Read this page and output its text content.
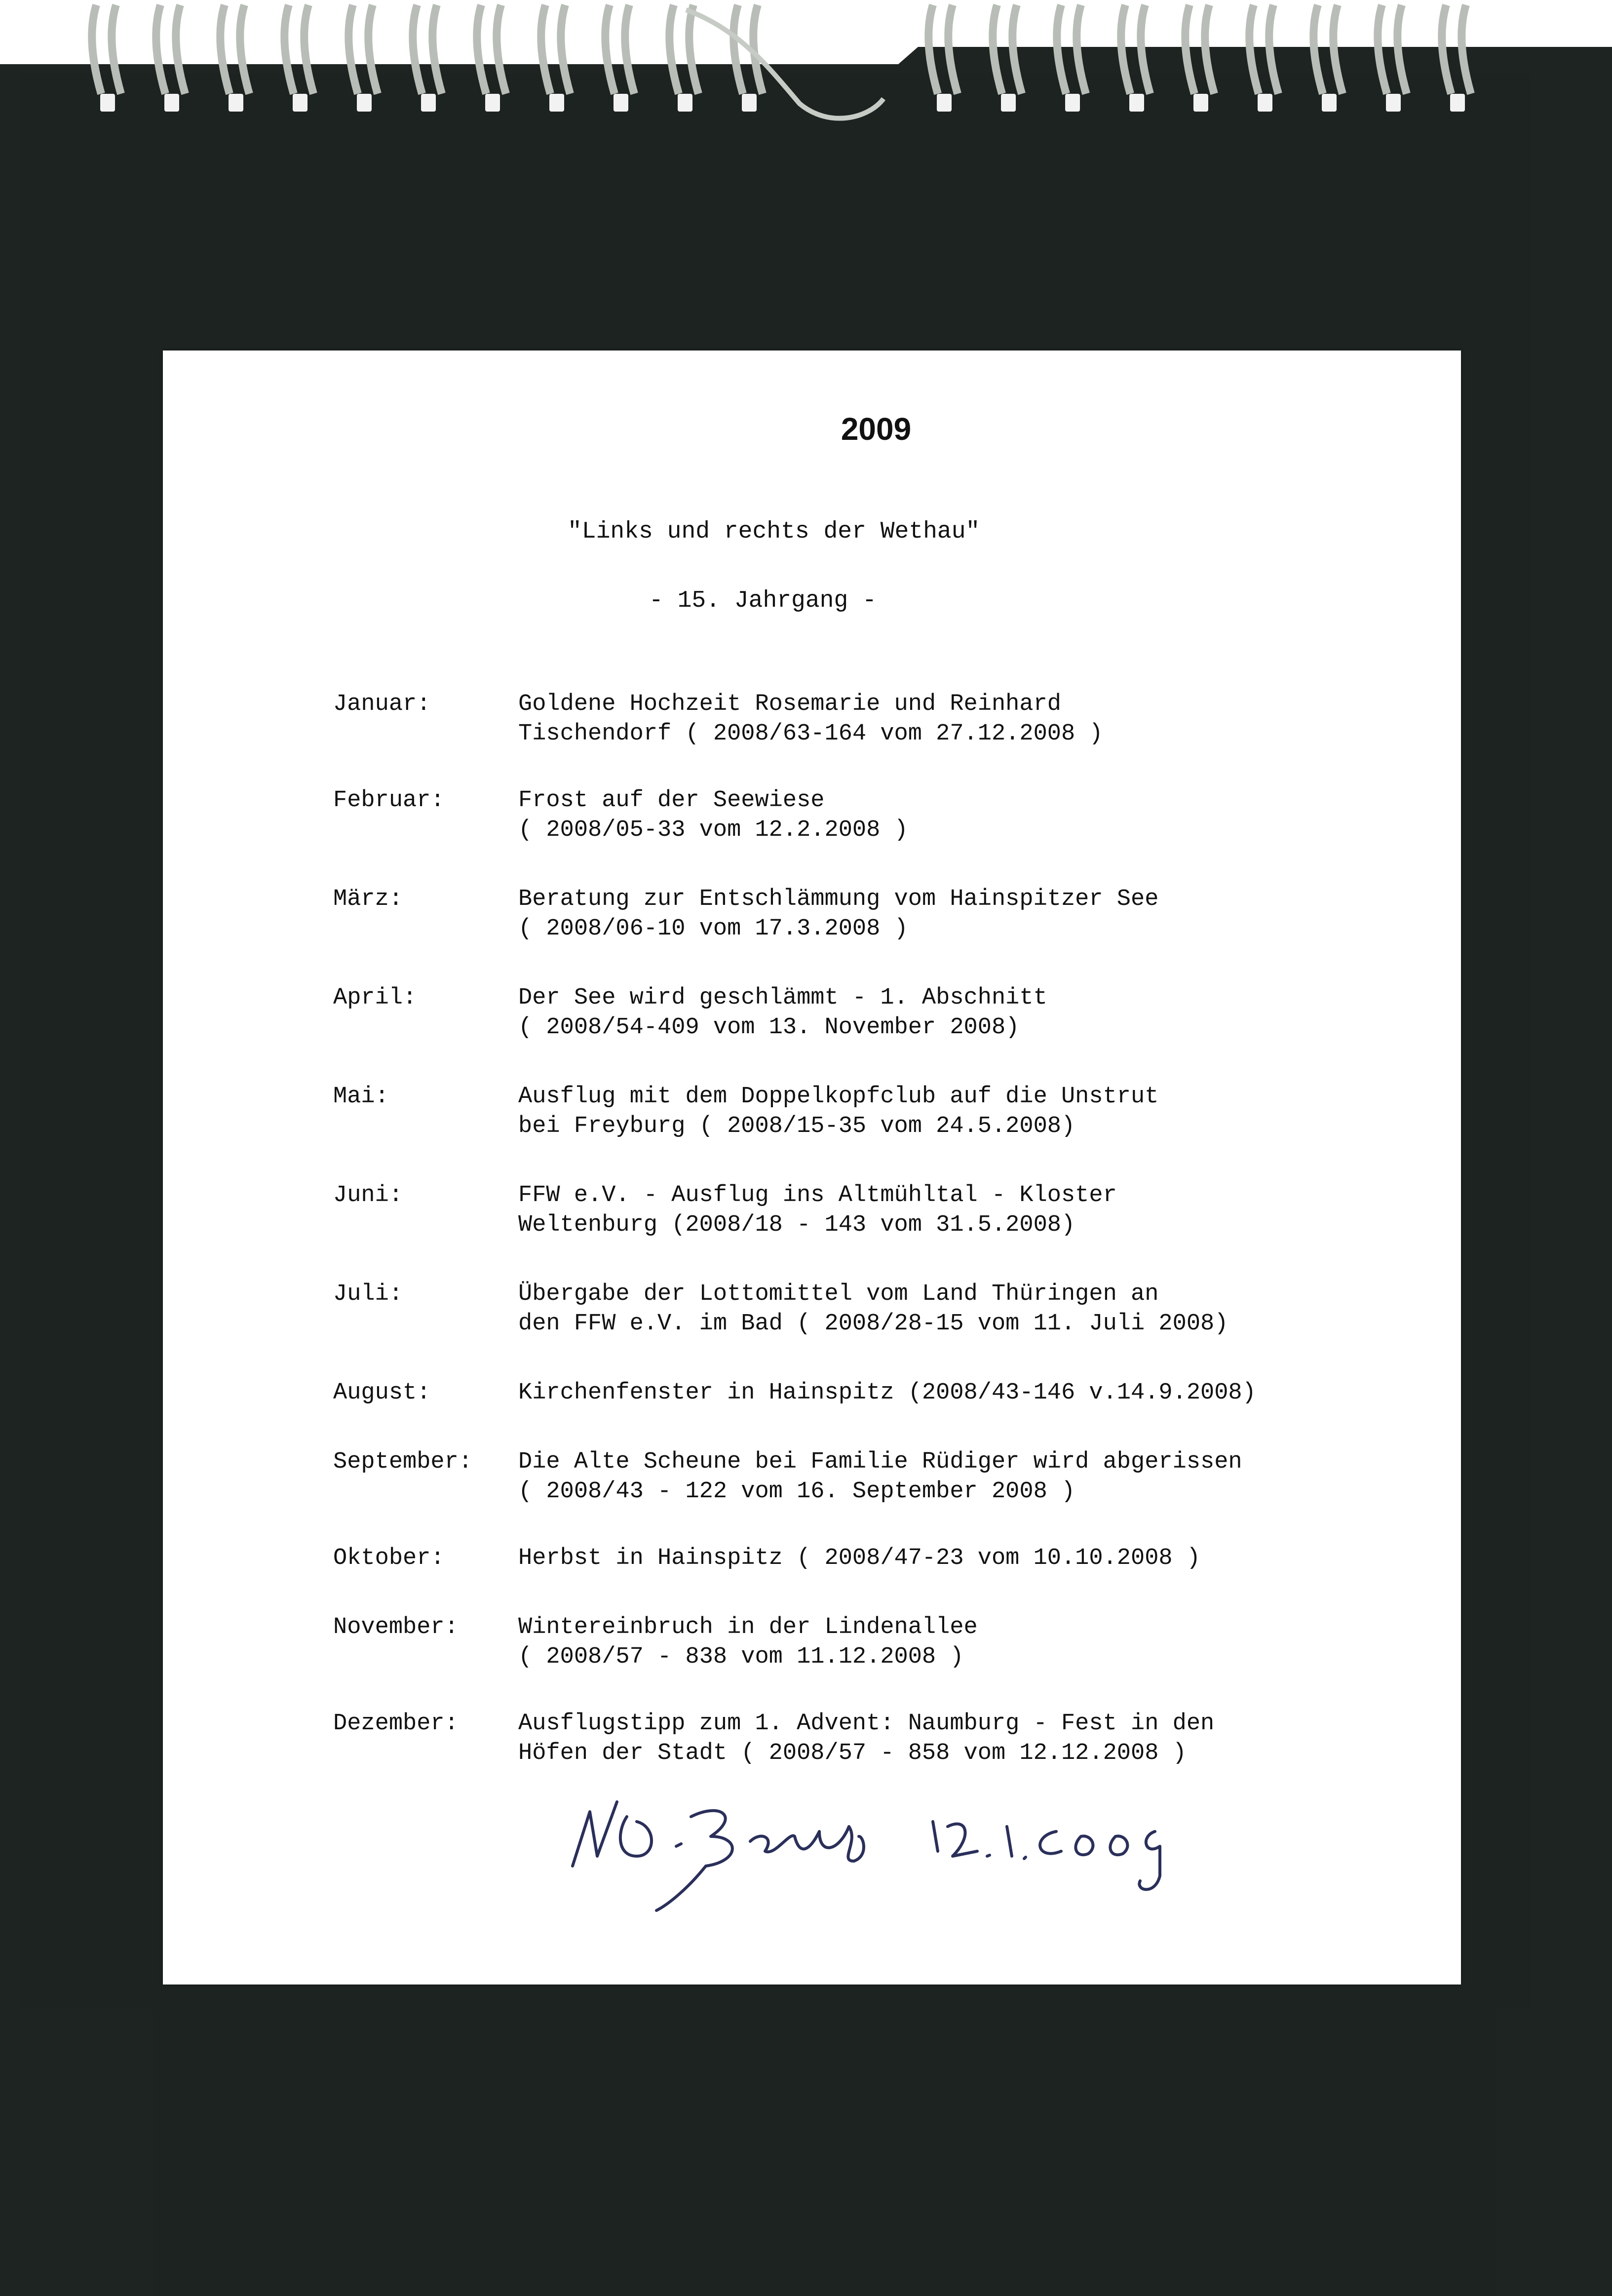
2009
"Links und rechts der Wethau"
- 15. Jahrgang -
Januar:	Goldene Hochzeit Rosemarie und Reinhard
Tischendorf ( 2008/63-164 vom 27.12.2008 )
Februar:	Frost auf der Seewiese
( 2008/05-33 vom 12.2.2008 )
März:	Beratung zur Entschlämmung vom Hainspitzer See
( 2008/06-10 vom 17.3.2008 )
April:	Der See wird geschlämmt - 1. Abschnitt
( 2008/54-409 vom 13. November 2008)
Mai:	Ausflug mit dem Doppelkopfclub auf die Unstrut
bei Freyburg ( 2008/15-35 vom 24.5.2008)
Juni:	FFW e.V. - Ausflug ins Altmühltal - Kloster
Weltenburg (2008/18 - 143 vom 31.5.2008)
Juli:	Übergabe der Lottomittel vom Land Thüringen an
den FFW e.V. im Bad ( 2008/28-15 vom 11. Juli 2008)
August:	Kirchenfenster in Hainspitz (2008/43-146 v.14.9.2008)
September: Die Alte Scheune bei Familie Rüdiger wird abgerissen
( 2008/43 - 122 vom 16. September 2008 )
Oktober:	Herbst in Hainspitz ( 2008/47-23 vom 10.10.2008 )
November:	Wintereinbruch in der Lindenallee
( 2008/57 - 838 vom 11.12.2008 )
Dezember:	Ausflugstipp zum 1. Advent: Naumburg - Fest in den
Höfen der Stadt ( 2008/57 - 858 vom 12.12.2008 )
